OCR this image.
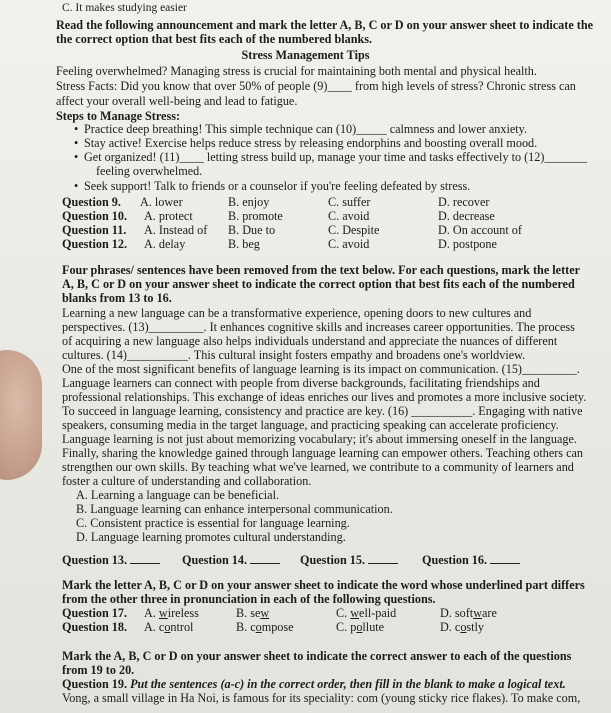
C. It makes studying easier
Read the following announcement and mark the letter A, B, C or D on your answer sheet to indicate the
the correct option that best fits each of the numbered blanks.
Stress Management Tips
Feeling overwhelmed? Managing stress is crucial for maintaining both mental and physical health.
Stress Facts: Did you know that over 50% of people (9)____ from high levels of stress? Chronic stress can
affect your overall well-being and lead to fatigue.
Steps to Manage Stress:
• Practice deep breathing! This simple technique can (10)_____ calmness and lower anxiety.
• Stay active! Exercise helps reduce stress by releasing endorphins and boosting overall mood.
• Get organized! (11)____ letting stress build up, manage your time and tasks effectively to (12)_______
feeling overwhelmed.
• Seek support! Talk to friends or a counselor if you're feeling defeated by stress.
Question 9. A. lower	B. enjoy	C. suffer	D. recover
Question 10. A. protect	B. promote	C. avoid	D. decrease
Question 11. A. Instead of B. Due to	C. Despite	D. On account of
Question 12. A. delay	B. beg	C. avoid	D. postpone
Four phrases/ sentences have been removed from the text below. For each questions, mark the letter
A, B, C or D on your answer sheet to indicate the correct option that best fits each of the numbered
blanks from 13 to 16.
Learning a new language can be a transformative experience, opening doors to new cultures and
perspectives. (13)_________. It enhances cognitive skills and increases career opportunities. The process
of acquiring a new language also helps individuals understand and appreciate the nuances of different
cultures. (14)__________. This cultural insight fosters empathy and broadens one's worldview.
One of the most significant benefits of language learning is its impact on communication. (15)_________.
Language learners can connect with people from diverse backgrounds, facilitating friendships and
professional relationships. This exchange of ideas enriches our lives and promotes a more inclusive society.
To succeed in language learning, consistency and practice are key. (16) __________. Engaging with native
speakers, consuming media in the target language, and practicing speaking can accelerate proficiency.
Language learning is not just about memorizing vocabulary; it's about immersing oneself in the language.
Finally, sharing the knowledge gained through language learning can empower others. Teaching others can
strengthen our own skills. By teaching what we've learned, we contribute to a community of learners and
foster a culture of understanding and collaboration.
A. Learning a language can be beneficial.
B. Language learning can enhance interpersonal communication.
C. Consistent practice is essential for language learning.
D. Language learning promotes cultural understanding.
Question 13.	Question 14.	Question 15.	Question 16.
Mark the letter A, B, C or D on your answer sheet to indicate the word whose underlined part differs
from the other three in pronunciation in each of the following questions.
Question 17. A. wireless	B. sew	C. well-paid	D. software
Question 18. A. control	B. compose	C. pollute	D. costly
Mark the A, B, C or D on your answer sheet to indicate the correct answer to each of the questions
from 19 to 20.
Question 19. Put the sentences (a-c) in the correct order, then fill in the blank to make a logical text.
Vong, a small village in Ha Noi, is famous for its speciality: com (young sticky rice flakes). To make com,
